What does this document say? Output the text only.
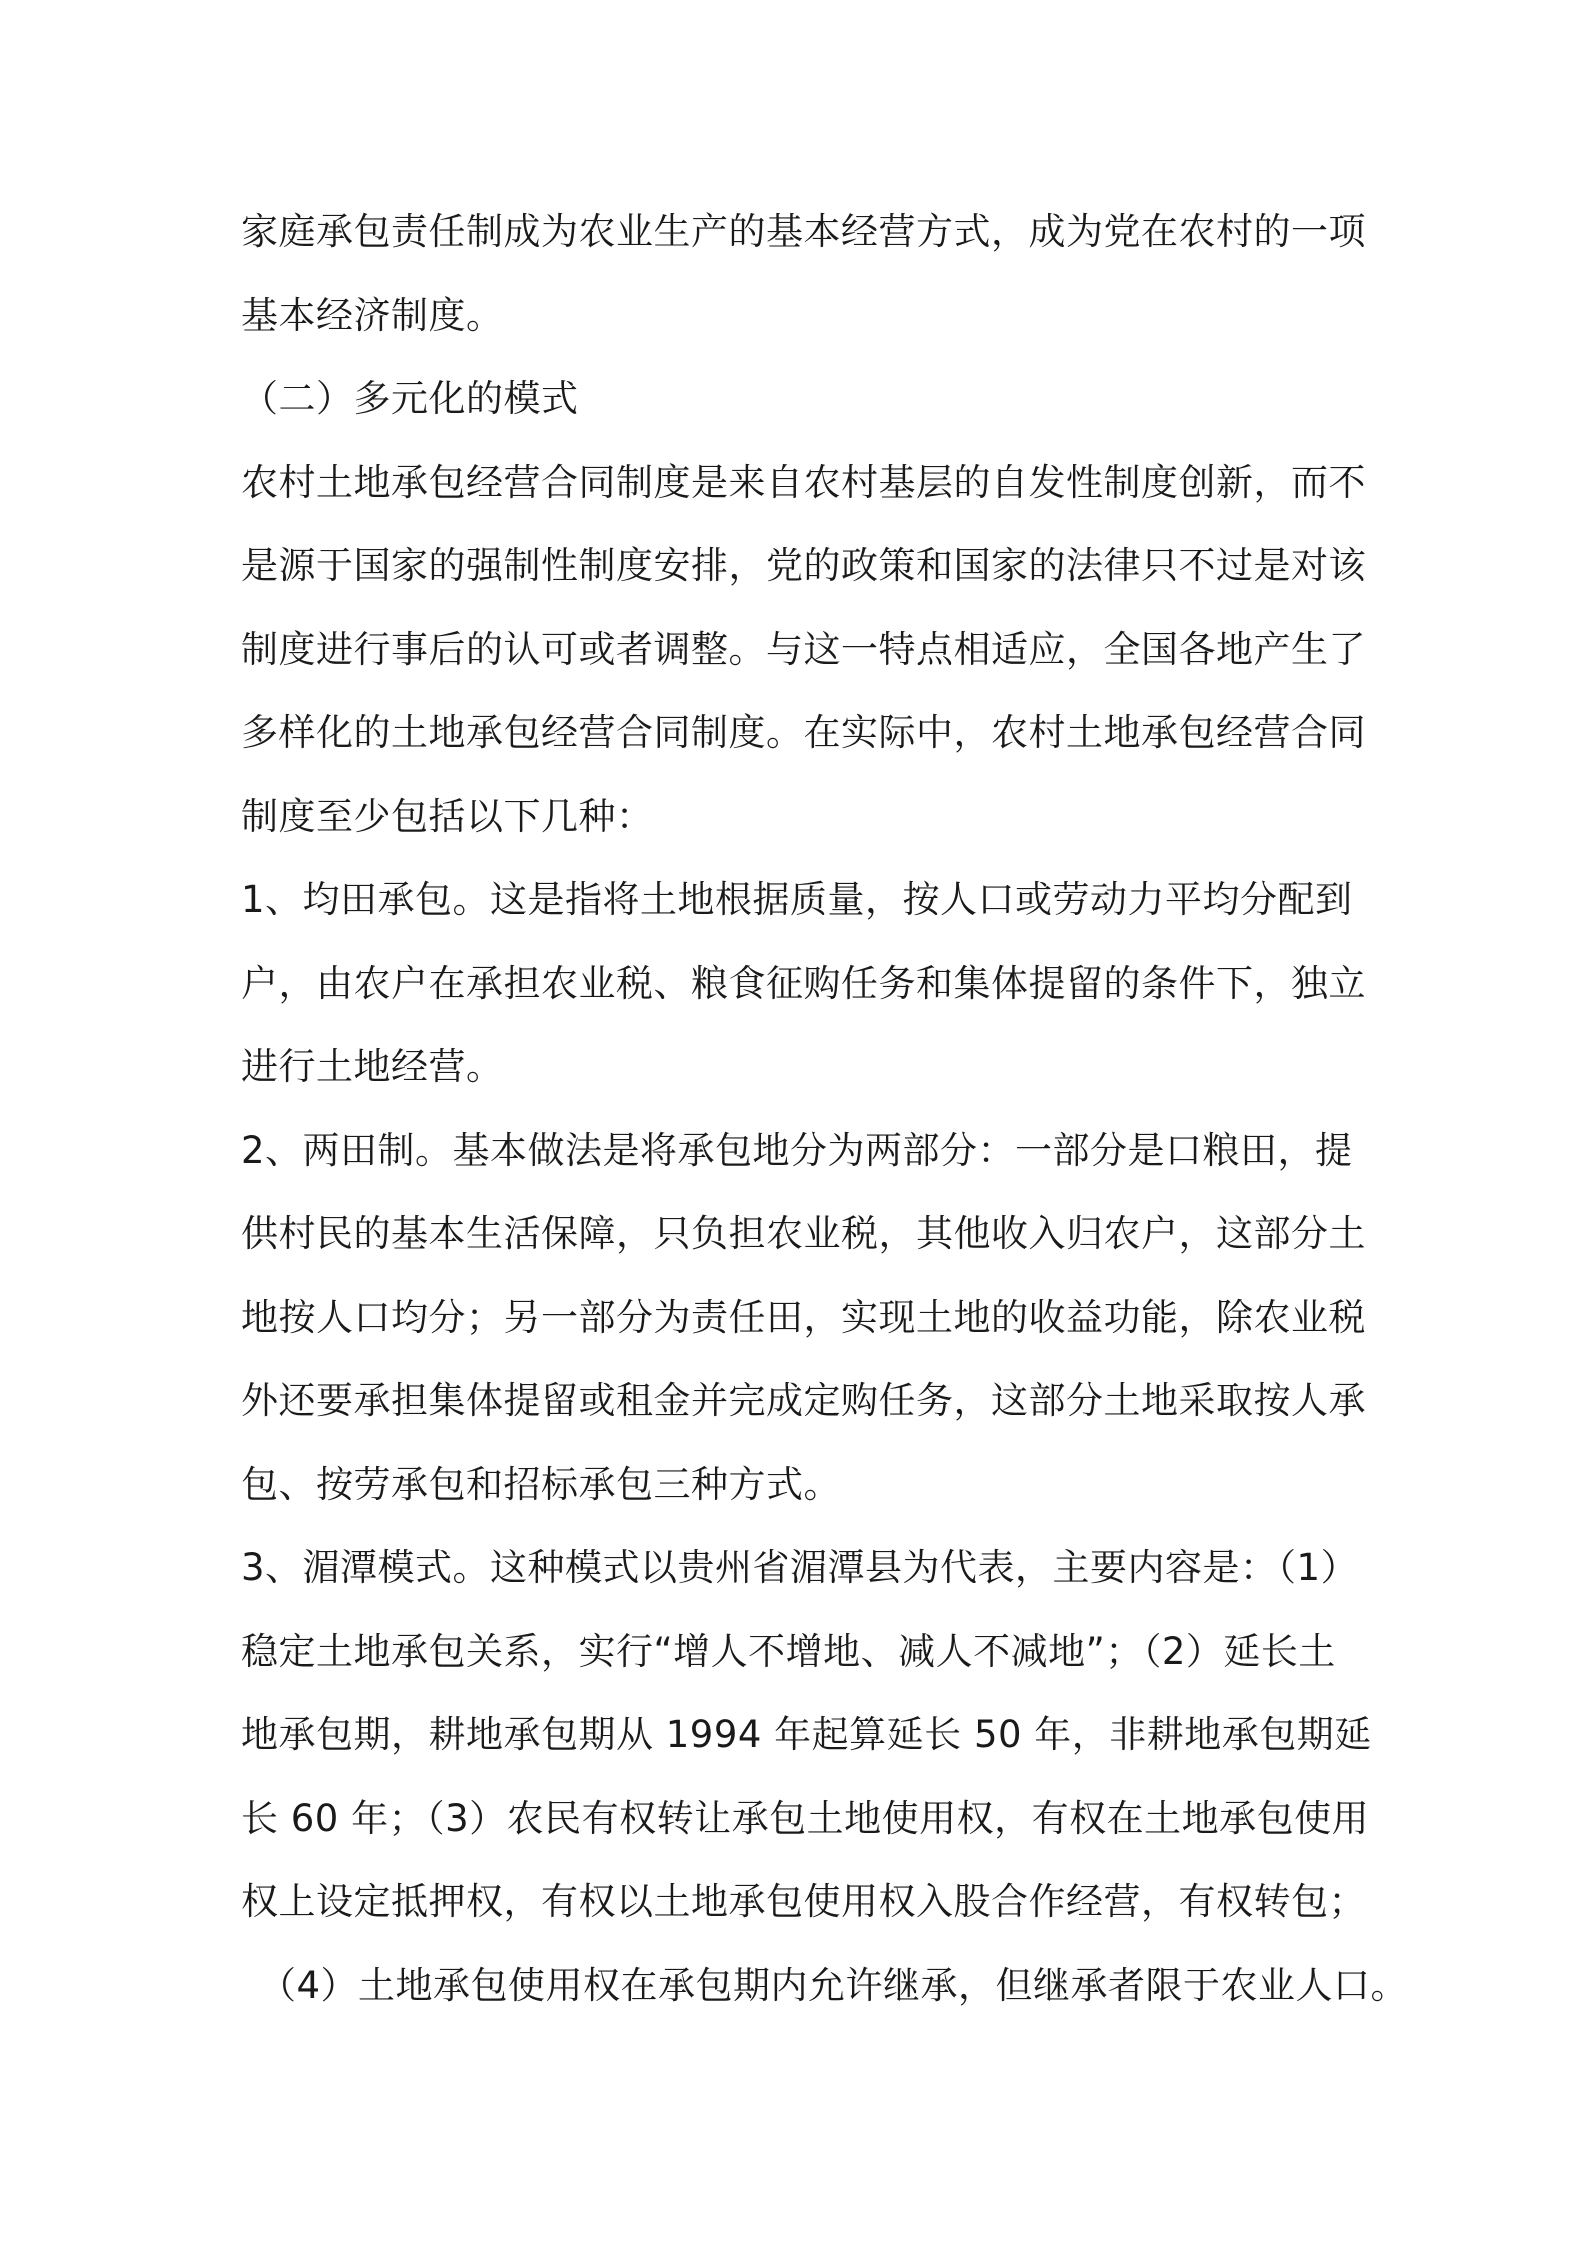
家庭承包责任制成为农业生产的基本经营方式，成为党在农村的一项
基本经济制度。
（二）多元化的模式
农村土地承包经营合同制度是来自农村基层的自发性制度创新，而不
是源于国家的强制性制度安排，党的政策和国家的法律只不过是对该
制度进行事后的认可或者调整。与这一特点相适应，全国各地产生了
多样化的土地承包经营合同制度。在实际中，农村土地承包经营合同
制度至少包括以下几种：
1、均田承包。这是指将土地根据质量，按人口或劳动力平均分配到
户，由农户在承担农业税、粮食征购任务和集体提留的条件下，独立
进行土地经营。
2、两田制。基本做法是将承包地分为两部分：一部分是口粮田，提
供村民的基本生活保障，只负担农业税，其他收入归农户，这部分土
地按人口均分；另一部分为责任田，实现土地的收益功能，除农业税
外还要承担集体提留或租金并完成定购任务，这部分土地采取按人承
包、按劳承包和招标承包三种方式。
3、湄潭模式。这种模式以贵州省湄潭县为代表，主要内容是：（1）
稳定土地承包关系，实行“增人不增地、减人不减地”；（2）延长土
地承包期，耕地承包期从 1994 年起算延长 50 年，非耕地承包期延
长 60 年；（3）农民有权转让承包土地使用权，有权在土地承包使用
权上设定抵押权，有权以土地承包使用权入股合作经营，有权转包；
（4）土地承包使用权在承包期内允许继承，但继承者限于农业人口。
